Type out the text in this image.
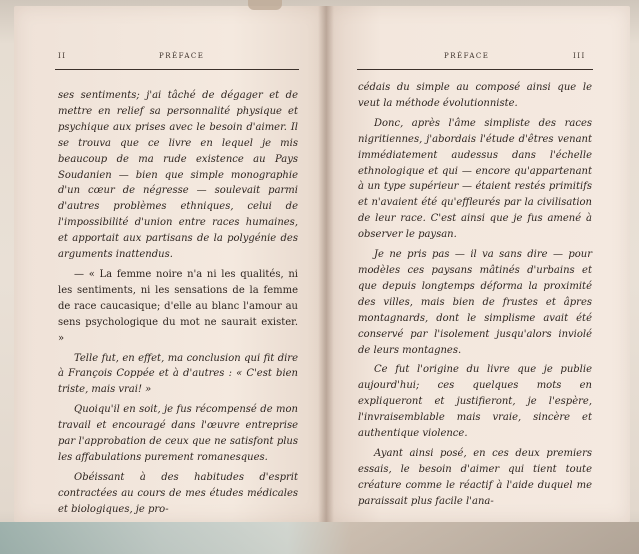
II	PRÉFACE	PRÉFACE	III

ses sentiments; j'ai tâché de dégager et de mettre en relief sa personnalité physique et psychique aux prises avec le besoin d'aimer. Il se trouva que ce livre en lequel je mis beaucoup de ma rude existence au Pays Soudanien — bien que simple monographie d'un cœur de négresse — soulevait parmi d'autres problèmes ethniques, celui de l'impossibilité d'union entre races humaines, et apportait aux partisans de la polygénie des arguments inattendus.

— « La femme noire n'a ni les qualités, ni les sentiments, ni les sensations de la femme de race caucasique; d'elle au blanc l'amour au sens psychologique du mot ne saurait exister. »

Telle fut, en effet, ma conclusion qui fit dire à François Coppée et à d'autres : « C'est bien triste, mais vrai! »

Quoiqu'il en soit, je fus récompensé de mon travail et encouragé dans l'œuvre entreprise par l'approbation de ceux que ne satisfont plus les affabulations purement romanesques.

Obéissant à des habitudes d'esprit contractées au cours de mes études médicales et biologiques, je pro-

cédais du simple au composé ainsi que le veut la méthode évolutionniste.

Donc, après l'âme simpliste des races nigritiennes, j'abordais l'étude d'êtres venant immédiatement audessus dans l'échelle ethnologique et qui — encore qu'appartenant à un type supérieur — étaient restés primitifs et n'avaient été qu'effleurés par la civilisation de leur race. C'est ainsi que je fus amené à observer le paysan.

Je ne pris pas — il va sans dire — pour modèles ces paysans mâtinés d'urbains et que depuis longtemps déforma la proximité des villes, mais bien de frustes et âpres montagnards, dont le simplisme avait été conservé par l'isolement jusqu'alors inviolé de leurs montagnes.

Ce fut l'origine du livre que je publie aujourd'hui; ces quelques mots en expliqueront et justifieront, je l'espère, l'invraisemblable mais vraie, sincère et authentique violence.

Ayant ainsi posé, en ces deux premiers essais, le besoin d'aimer qui tient toute créature comme le réactif à l'aide duquel me paraissait plus facile l'ana-
